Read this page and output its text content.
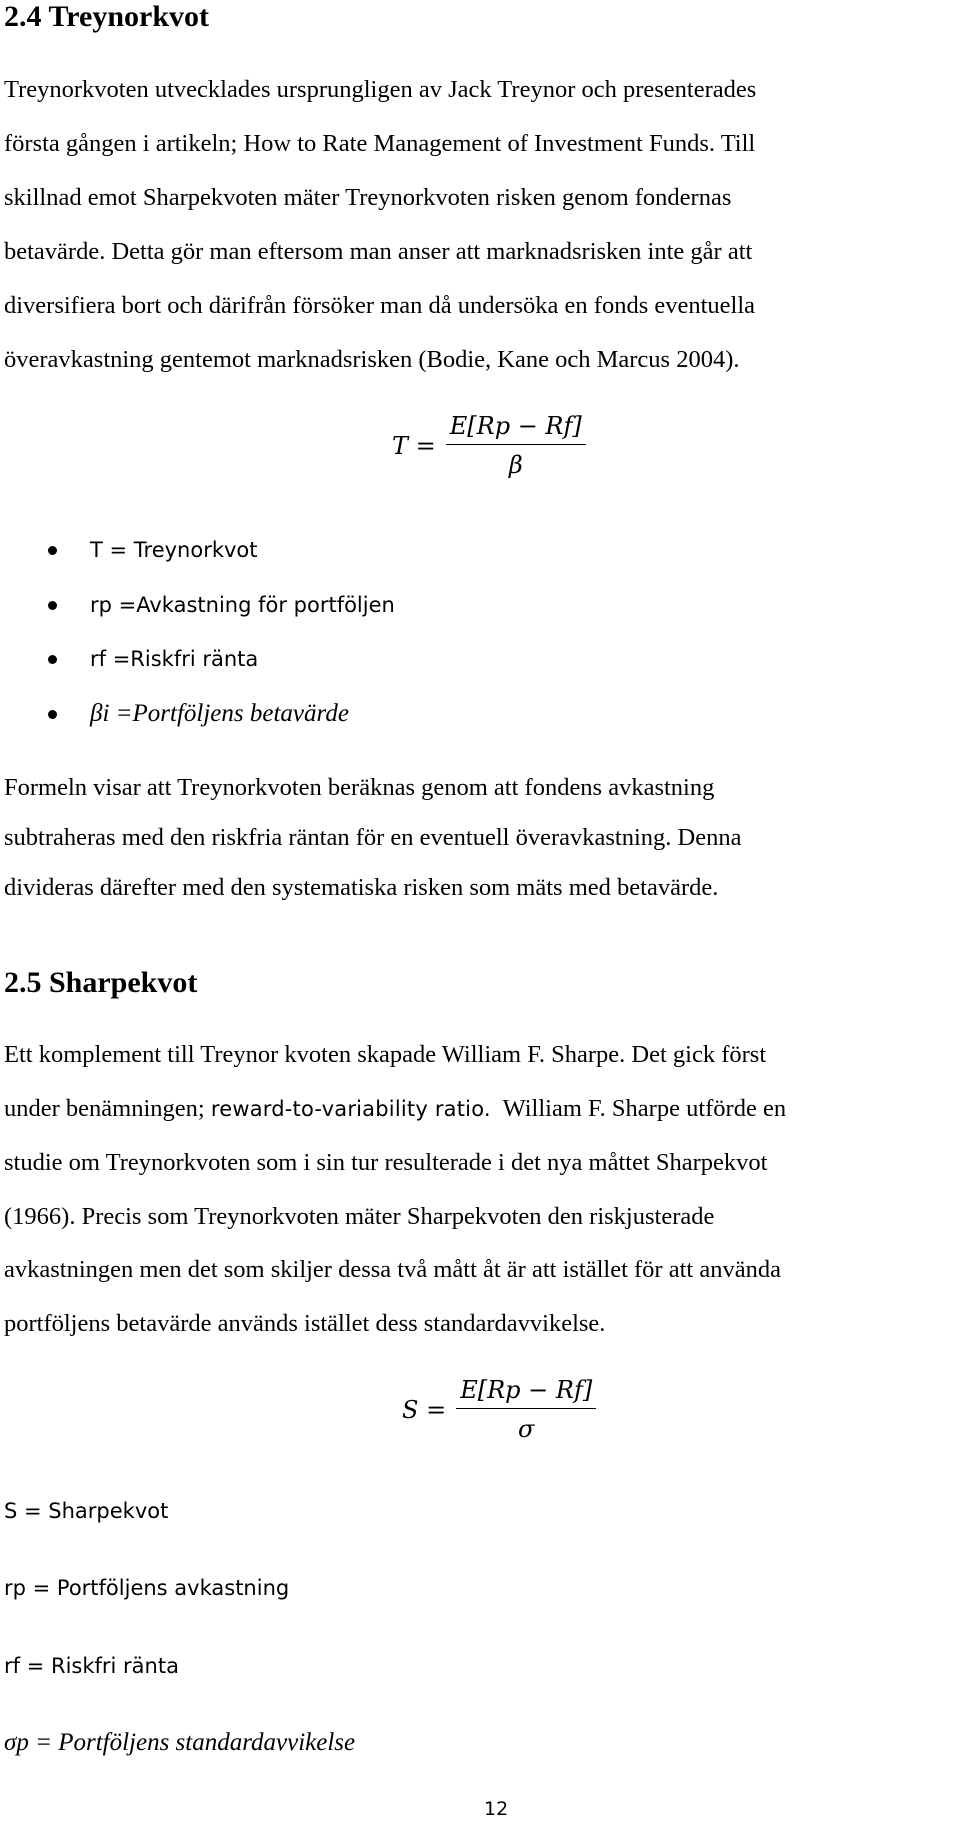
2.4 Treynorkvot

Treynorkvoten utvecklades ursprungligen av Jack Treynor och presenterades
första gången i artikeln; How to Rate Management of Investment Funds. Till
skillnad emot Sharpekvoten mäter Treynorkvoten risken genom fondernas
betavärde. Detta gör man eftersom man anser att marknadsrisken inte går att
diversifiera bort och därifrån försöker man då undersöka en fonds eventuella
överavkastning gentemot marknadsrisken (Bodie, Kane och Marcus 2004).

$T = \frac{E[Rp - Rf]}{\beta}$
T = Treynorkvot
rp =Avkastning för portföljen
rf =Riskfri ränta
βi =Portföljens betavärde

Formeln visar att Treynorkvoten beräknas genom att fondens avkastning
subtraheras med den riskfria räntan för en eventuell överavkastning. Denna
divideras därefter med den systematiska risken som mäts med betavärde.

2.5 Sharpekvot

Ett komplement till Treynor kvoten skapade William F. Sharpe. Det gick först
under benämningen; reward-to-variability ratio.  William F. Sharpe utförde en
studie om Treynorkvoten som i sin tur resulterade i det nya måttet Sharpekvot
(1966). Precis som Treynorkvoten mäter Sharpekvoten den riskjusterade
avkastningen men det som skiljer dessa två mått åt är att istället för att använda
portföljens betavärde används istället dess standardavvikelse.

$S = \frac{E[Rp - Rf]}{\sigma}$
S = Sharpekvot
rp = Portföljens avkastning
rf = Riskfri ränta
σp = Portföljens standardavvikelse
12
